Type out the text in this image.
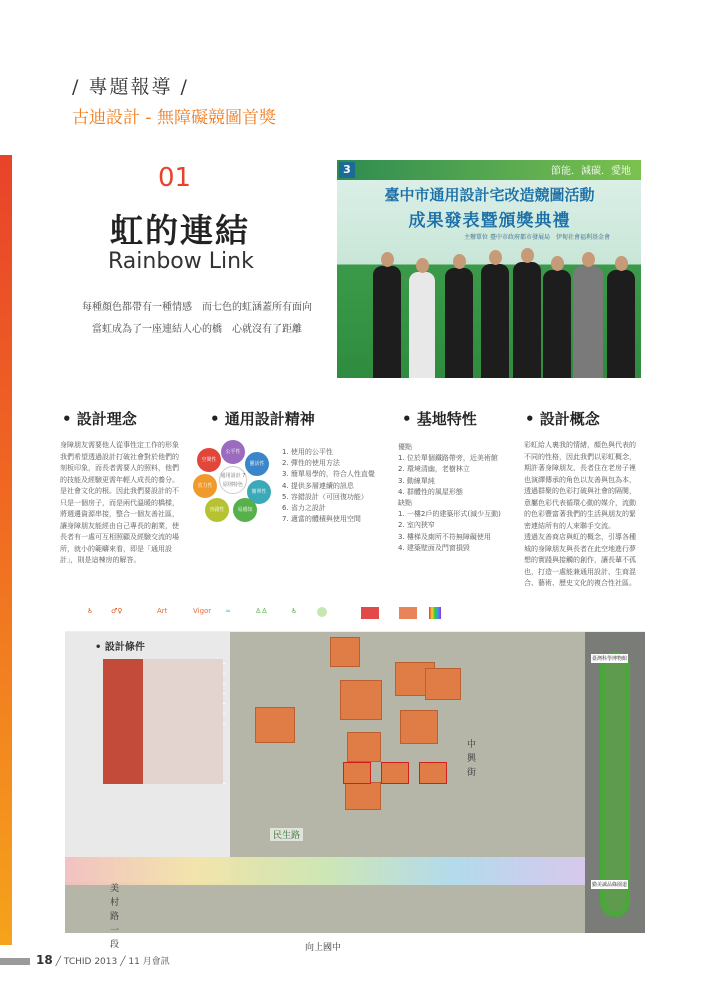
/ 專題報導 /
古迪設計 - 無障礙競圖首獎
01
虹的連結
Rainbow Link
每種顏色都帶有一種情感　而七色的虹涵蓋所有面向
當虹成為了一座連結人心的橋　心就沒有了距離
3	節能．減碳．愛地
臺中市通用設計宅改造競圖活動
成果發表暨頒獎典禮
主辦單位 臺中市政府都市發展局　伊甸社會福利基金會
• 設計理念	• 通用設計精神	• 基地特性	• 設計概念
身障朋友需要他人從事性定工作的形象我們希望透過設計打破社會對於他們的刻板印象，而長者需要人的照料，他們的技能及經驗更需年輕人成長的養分。是社會文化的根。因此我們要設計的不只是一個房子，而是兩代溫暖的橋樑，將週邊資源串接，整合一個友善社區，讓身障朋友能經由自己專長的創業，使長者有一處可互相照顧及經驗交流的場所，就小的範疇來看，即是「通用設計」，則是這棟房的解答。
公平性
靈活性
簡單性
易感知
容錯性
省力性
空間性
通用設計 7原則特色
1. 使用的公平性
2. 彈性的使用方法
3. 簡單易學的，符合人性直覺
4. 提供多層連續的訊息
5. 容錯設計（可回復功能）
6. 省力之設計
7. 適當的體積與使用空間
優點
1. 位於單個鐵路帶旁，近美術館
2. 環境清幽，老樹林立
3. 動線單純
4. 群體性的風屋形態
缺點
1. 一樓2戶的建築形式(減少互動)
2. 室內狹窄
3. 樓梯及廁所不符無障礙使用
4. 建築壁面及門窗損毀
彩虹給人裏我的情緒，顏色與代表的不同的性格，因此我們以彩虹概念，期許著身障朋友、長者住在老房子裡也演繹傳承的角色以友善與包為本，透過群聚的色彩打破與社會的隔閡，意屬色彩代表循環心動的媒介，流動的色彩豐富著我們的生活與朋友的緊密連結所有的人來聯手交流。
透過友善商店與虹的概念，引導各種城的身障朋友與長者在此空地進行夢想的實踐與接觸的創作，讓長輩不孤也，打造一處能兼通用設計、生商混合、藝術、歷史文化的複合性社區。
♿	♂♀	Art	Vigor ≈	♙♙	♿
• 設計條件
民生路
中興街
美村路一段	向上國中
臺灣科學博物館
勤美誠品綠園道
18 ╱ TCHID 2013 ╱ 11 月會訊
